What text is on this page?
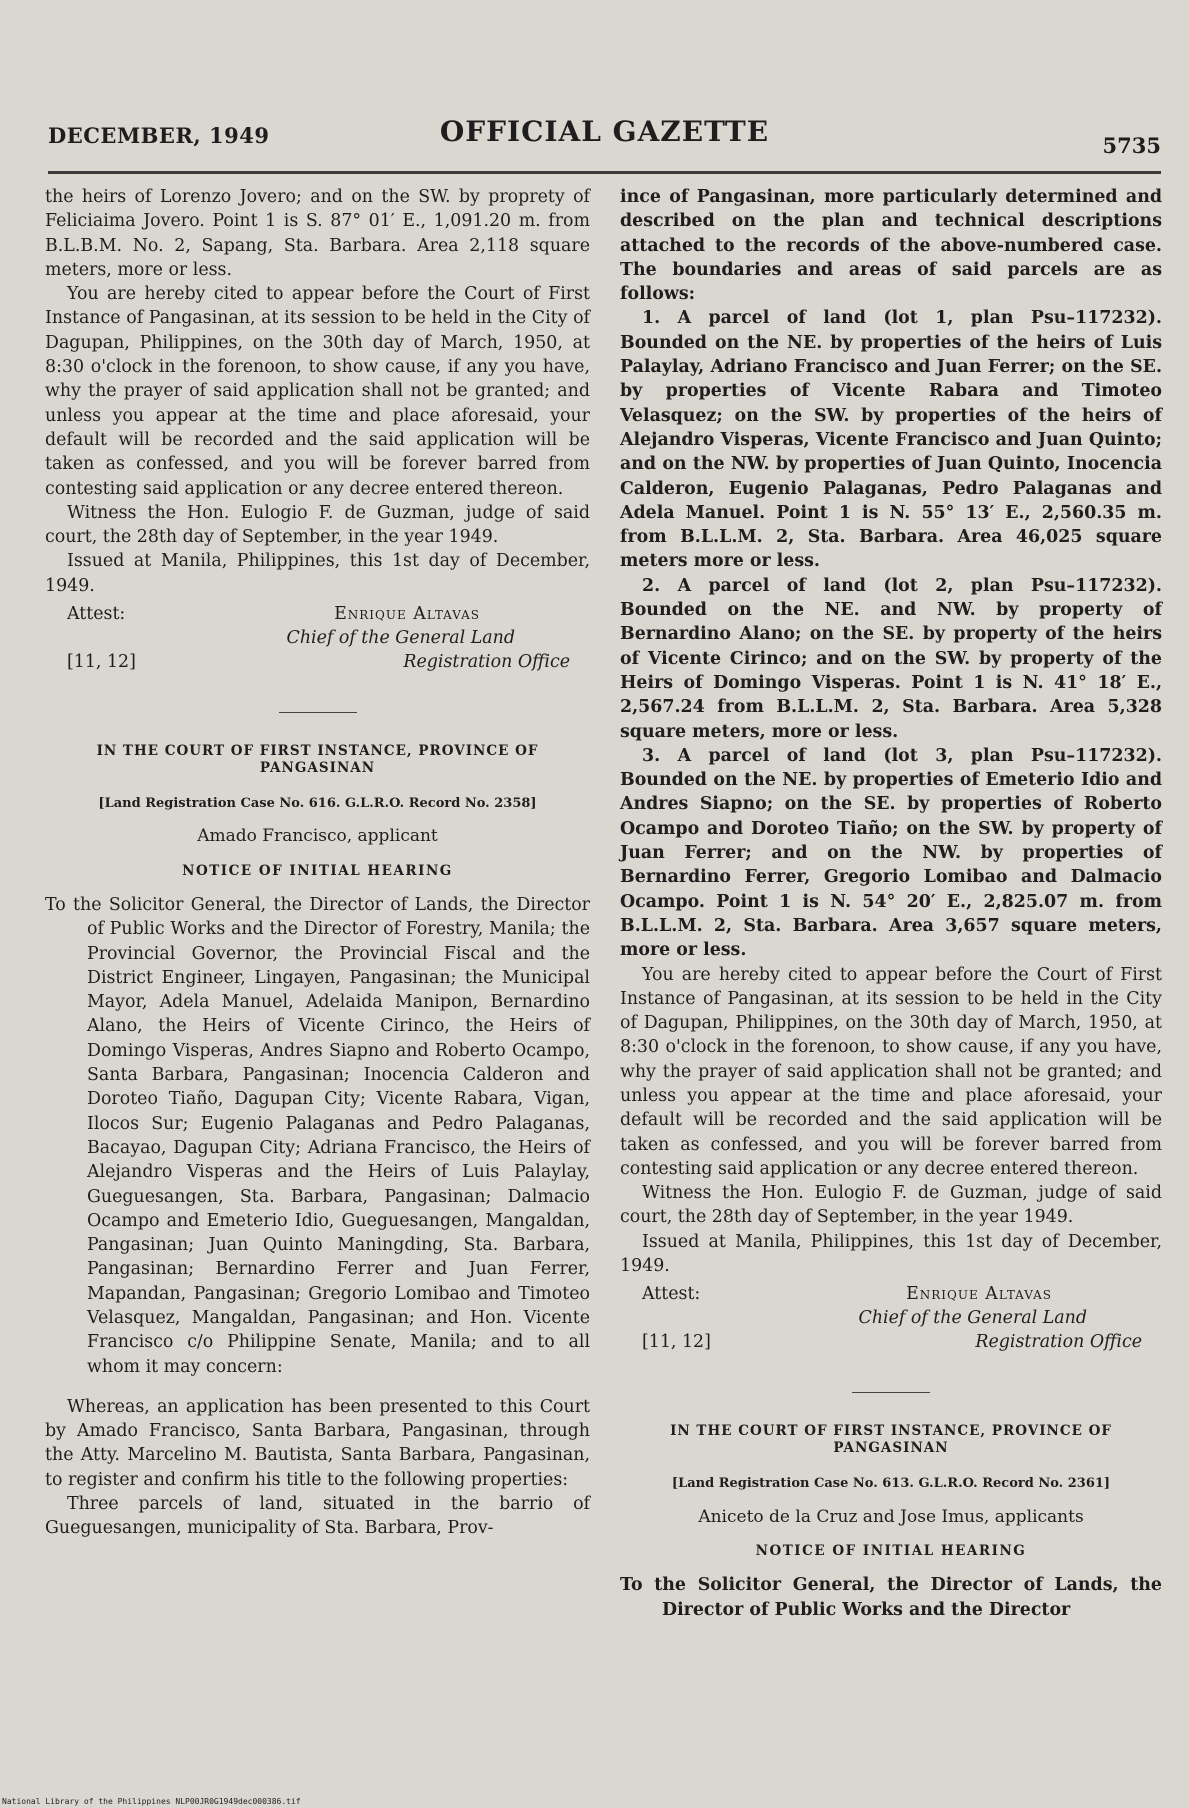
DECEMBER, 1949	OFFICIAL GAZETTE	5735

the heirs of Lorenzo Jovero; and on the SW. by proprety of Feliciaima Jovero. Point 1 is S. 87° 01′ E., 1,091.20 m. from B.L.B.M. No. 2, Sapang, Sta. Barbara. Area 2,118 square meters, more or less.

You are hereby cited to appear before the Court of First Instance of Pangasinan, at its session to be held in the City of Dagupan, Philippines, on the 30th day of March, 1950, at 8:30 o'clock in the forenoon, to show cause, if any you have, why the prayer of said application shall not be granted; and unless you appear at the time and place aforesaid, your default will be recorded and the said application will be taken as confessed, and you will be forever barred from contesting said application or any decree entered thereon.

Witness the Hon. Eulogio F. de Guzman, judge of said court, the 28th day of September, in the year 1949.

Issued at Manila, Philippines, this 1st day of December, 1949.

Attest:	Enrique Altavas
Chief of the General Land
[11, 12]	Registration Office
IN THE COURT OF FIRST INSTANCE, PROVINCE OF PANGASINAN
[Land Registration Case No. 616. G.L.R.O. Record No. 2358]
Amado Francisco, applicant
NOTICE OF INITIAL HEARING

To the Solicitor General, the Director of Lands, the Director of Public Works and the Director of Forestry, Manila; the Provincial Governor, the Provincial Fiscal and the District Engineer, Lingayen, Pangasinan; the Municipal Mayor, Adela Manuel, Adelaida Manipon, Bernardino Alano, the Heirs of Vicente Cirinco, the Heirs of Domingo Visperas, Andres Siapno and Roberto Ocampo, Santa Barbara, Pangasinan; Inocencia Calderon and Doroteo Tiaño, Dagupan City; Vicente Rabara, Vigan, Ilocos Sur; Eugenio Palaganas and Pedro Palaganas, Bacayao, Dagupan City; Adriana Francisco, the Heirs of Alejandro Visperas and the Heirs of Luis Palaylay, Gueguesangen, Sta. Barbara, Pangasinan; Dalmacio Ocampo and Emeterio Idio, Gueguesangen, Mangaldan, Pangasinan; Juan Quinto Maningding, Sta. Barbara, Pangasinan; Bernardino Ferrer and Juan Ferrer, Mapandan, Pangasinan; Gregorio Lomibao and Timoteo Velasquez, Mangaldan, Pangasinan; and Hon. Vicente Francisco c/o Philippine Senate, Manila; and to all whom it may concern:

Whereas, an application has been presented to this Court by Amado Francisco, Santa Barbara, Pangasinan, through the Atty. Marcelino M. Bautista, Santa Barbara, Pangasinan, to register and confirm his title to the following properties:

Three parcels of land, situated in the barrio of Gueguesangen, municipality of Sta. Barbara, Prov-

ince of Pangasinan, more particularly determined and described on the plan and technical descriptions attached to the records of the above-numbered case. The boundaries and areas of said parcels are as follows:

1. A parcel of land (lot 1, plan Psu–117232). Bounded on the NE. by properties of the heirs of Luis Palaylay, Adriano Francisco and Juan Ferrer; on the SE. by properties of Vicente Rabara and Timoteo Velasquez; on the SW. by properties of the heirs of Alejandro Visperas, Vicente Francisco and Juan Quinto; and on the NW. by properties of Juan Quinto, Inocencia Calderon, Eugenio Palaganas, Pedro Palaganas and Adela Manuel. Point 1 is N. 55° 13′ E., 2,560.35 m. from B.L.L.M. 2, Sta. Barbara. Area 46,025 square meters more or less.

2. A parcel of land (lot 2, plan Psu–117232). Bounded on the NE. and NW. by property of Bernardino Alano; on the SE. by property of the heirs of Vicente Cirinco; and on the SW. by property of the Heirs of Domingo Visperas. Point 1 is N. 41° 18′ E., 2,567.24 from B.L.L.M. 2, Sta. Barbara. Area 5,328 square meters, more or less.

3. A parcel of land (lot 3, plan Psu–117232). Bounded on the NE. by properties of Emeterio Idio and Andres Siapno; on the SE. by properties of Roberto Ocampo and Doroteo Tiaño; on the SW. by property of Juan Ferrer; and on the NW. by properties of Bernardino Ferrer, Gregorio Lomibao and Dalmacio Ocampo. Point 1 is N. 54° 20′ E., 2,825.07 m. from B.L.L.M. 2, Sta. Barbara. Area 3,657 square meters, more or less.

You are hereby cited to appear before the Court of First Instance of Pangasinan, at its session to be held in the City of Dagupan, Philippines, on the 30th day of March, 1950, at 8:30 o'clock in the forenoon, to show cause, if any you have, why the prayer of said application shall not be granted; and unless you appear at the time and place aforesaid, your default will be recorded and the said application will be taken as confessed, and you will be forever barred from contesting said application or any decree entered thereon.

Witness the Hon. Eulogio F. de Guzman, judge of said court, the 28th day of September, in the year 1949.

Issued at Manila, Philippines, this 1st day of December, 1949.

Attest:	Enrique Altavas
Chief of the General Land
[11, 12]	Registration Office
IN THE COURT OF FIRST INSTANCE, PROVINCE OF PANGASINAN
[Land Registration Case No. 613. G.L.R.O. Record No. 2361]
Aniceto de la Cruz and Jose Imus, applicants
NOTICE OF INITIAL HEARING

To the Solicitor General, the Director of Lands, the Director of Public Works and the Director

National Library of the Philippines NLP00JR0G1949dec000386.tif
